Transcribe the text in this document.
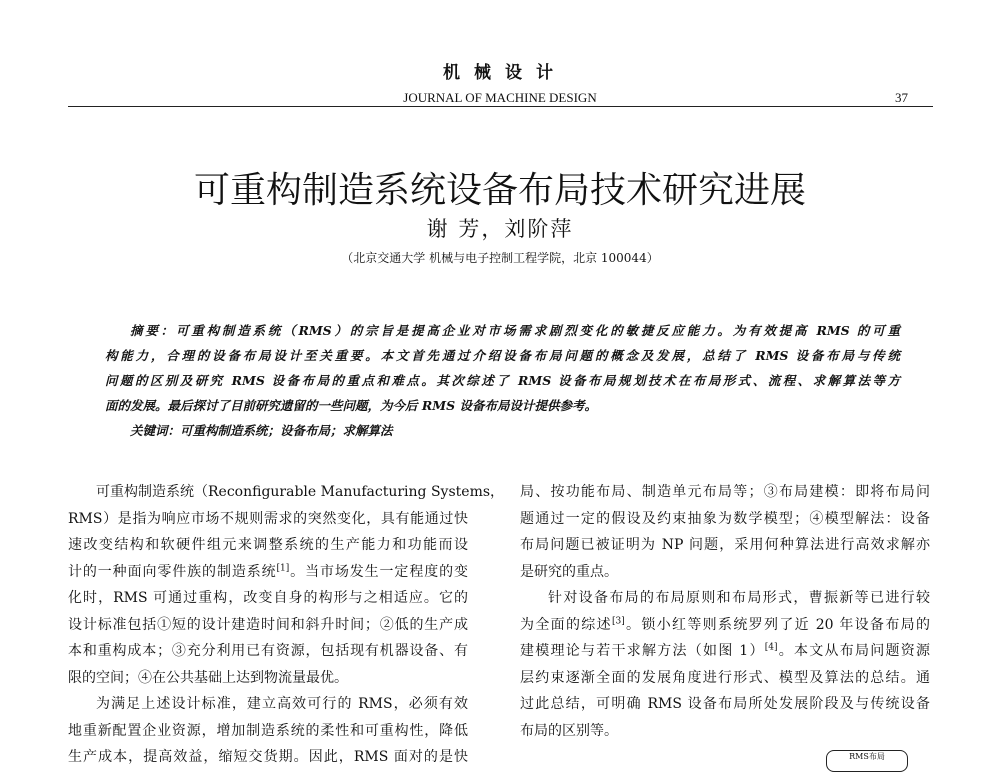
机械设计
JOURNAL OF MACHINE DESIGN	37
可重构制造系统设备布局技术研究进展
谢 芳，刘阶萍
（北京交通大学 机械与电子控制工程学院，北京 100044）
摘要：可重构制造系统（RMS）的宗旨是提高企业对市场需求剧烈变化的敏捷反应能力。为有效提高 RMS 的可重
构能力，合理的设备布局设计至关重要。本文首先通过介绍设备布局问题的概念及发展，总结了 RMS 设备布局与传统
问题的区别及研究 RMS 设备布局的重点和难点。其次综述了 RMS 设备布局规划技术在布局形式、流程、求解算法等方
面的发展。最后探讨了目前研究遗留的一些问题，为今后 RMS 设备布局设计提供参考。
关键词：可重构制造系统；设备布局；求解算法
可重构制造系统（Reconfigurable Manufacturing Systems，
RMS）是指为响应市场不规则需求的突然变化，具有能通过快
速改变结构和软硬件组元来调整系统的生产能力和功能而设
计的一种面向零件族的制造系统[1]。当市场发生一定程度的变
化时，RMS 可通过重构，改变自身的构形与之相适应。它的
设计标准包括①短的设计建造时间和斜升时间；②低的生产成
本和重构成本；③充分利用已有资源，包括现有机器设备、有
限的空间；④在公共基础上达到物流量最优。
为满足上述设计标准，建立高效可行的 RMS，必须有效
地重新配置企业资源，增加制造系统的柔性和可重构性，降低
生产成本，提高效益，缩短交货期。因此，RMS 面对的是快
局、按功能布局、制造单元布局等；③布局建模：即将布局问
题通过一定的假设及约束抽象为数学模型；④模型解法：设备
布局问题已被证明为 NP 问题，采用何种算法进行高效求解亦
是研究的重点。
针对设备布局的布局原则和布局形式，曹振新等已进行较
为全面的综述[3]。锁小红等则系统罗列了近 20 年设备布局的
建模理论与若干求解方法（如图 1）[4]。本文从布局问题资源
层约束逐渐全面的发展角度进行形式、模型及算法的总结。通
过此总结，可明确 RMS 设备布局所处发展阶段及与传统设备
布局的区别等。
RMS布局
